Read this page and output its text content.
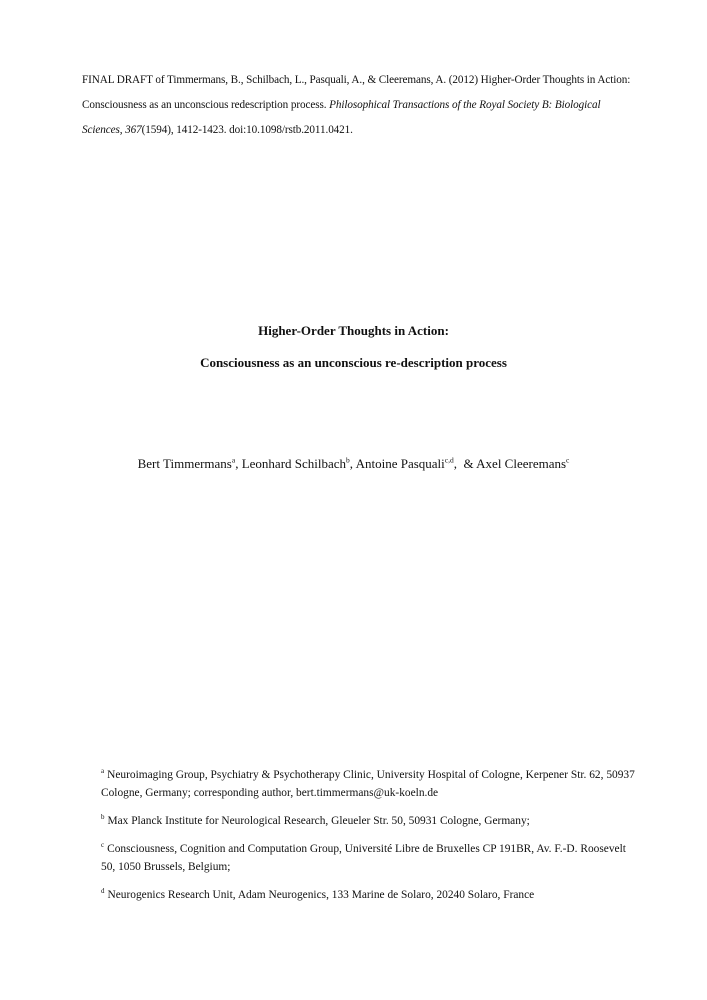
FINAL DRAFT of Timmermans, B., Schilbach, L., Pasquali, A., & Cleeremans, A. (2012) Higher-Order Thoughts in Action: Consciousness as an unconscious redescription process. Philosophical Transactions of the Royal Society B: Biological Sciences, 367(1594), 1412-1423. doi:10.1098/rstb.2011.0421.
Higher-Order Thoughts in Action:
Consciousness as an unconscious re-description process
Bert Timmermans$^a$, Leonhard Schilbach$^b$, Antoine Pasquali$^{c,d}$,  & Axel Cleeremans$^c$
$^a$ Neuroimaging Group, Psychiatry & Psychotherapy Clinic, University Hospital of Cologne, Kerpener Str. 62, 50937 Cologne, Germany; corresponding author, bert.timmermans@uk-koeln.de
$^b$ Max Planck Institute for Neurological Research, Gleueler Str. 50, 50931 Cologne, Germany;
$^c$ Consciousness, Cognition and Computation Group, Université Libre de Bruxelles CP 191BR, Av. F.-D. Roosevelt 50, 1050 Brussels, Belgium;
$^d$ Neurogenics Research Unit, Adam Neurogenics, 133 Marine de Solaro, 20240 Solaro, France
